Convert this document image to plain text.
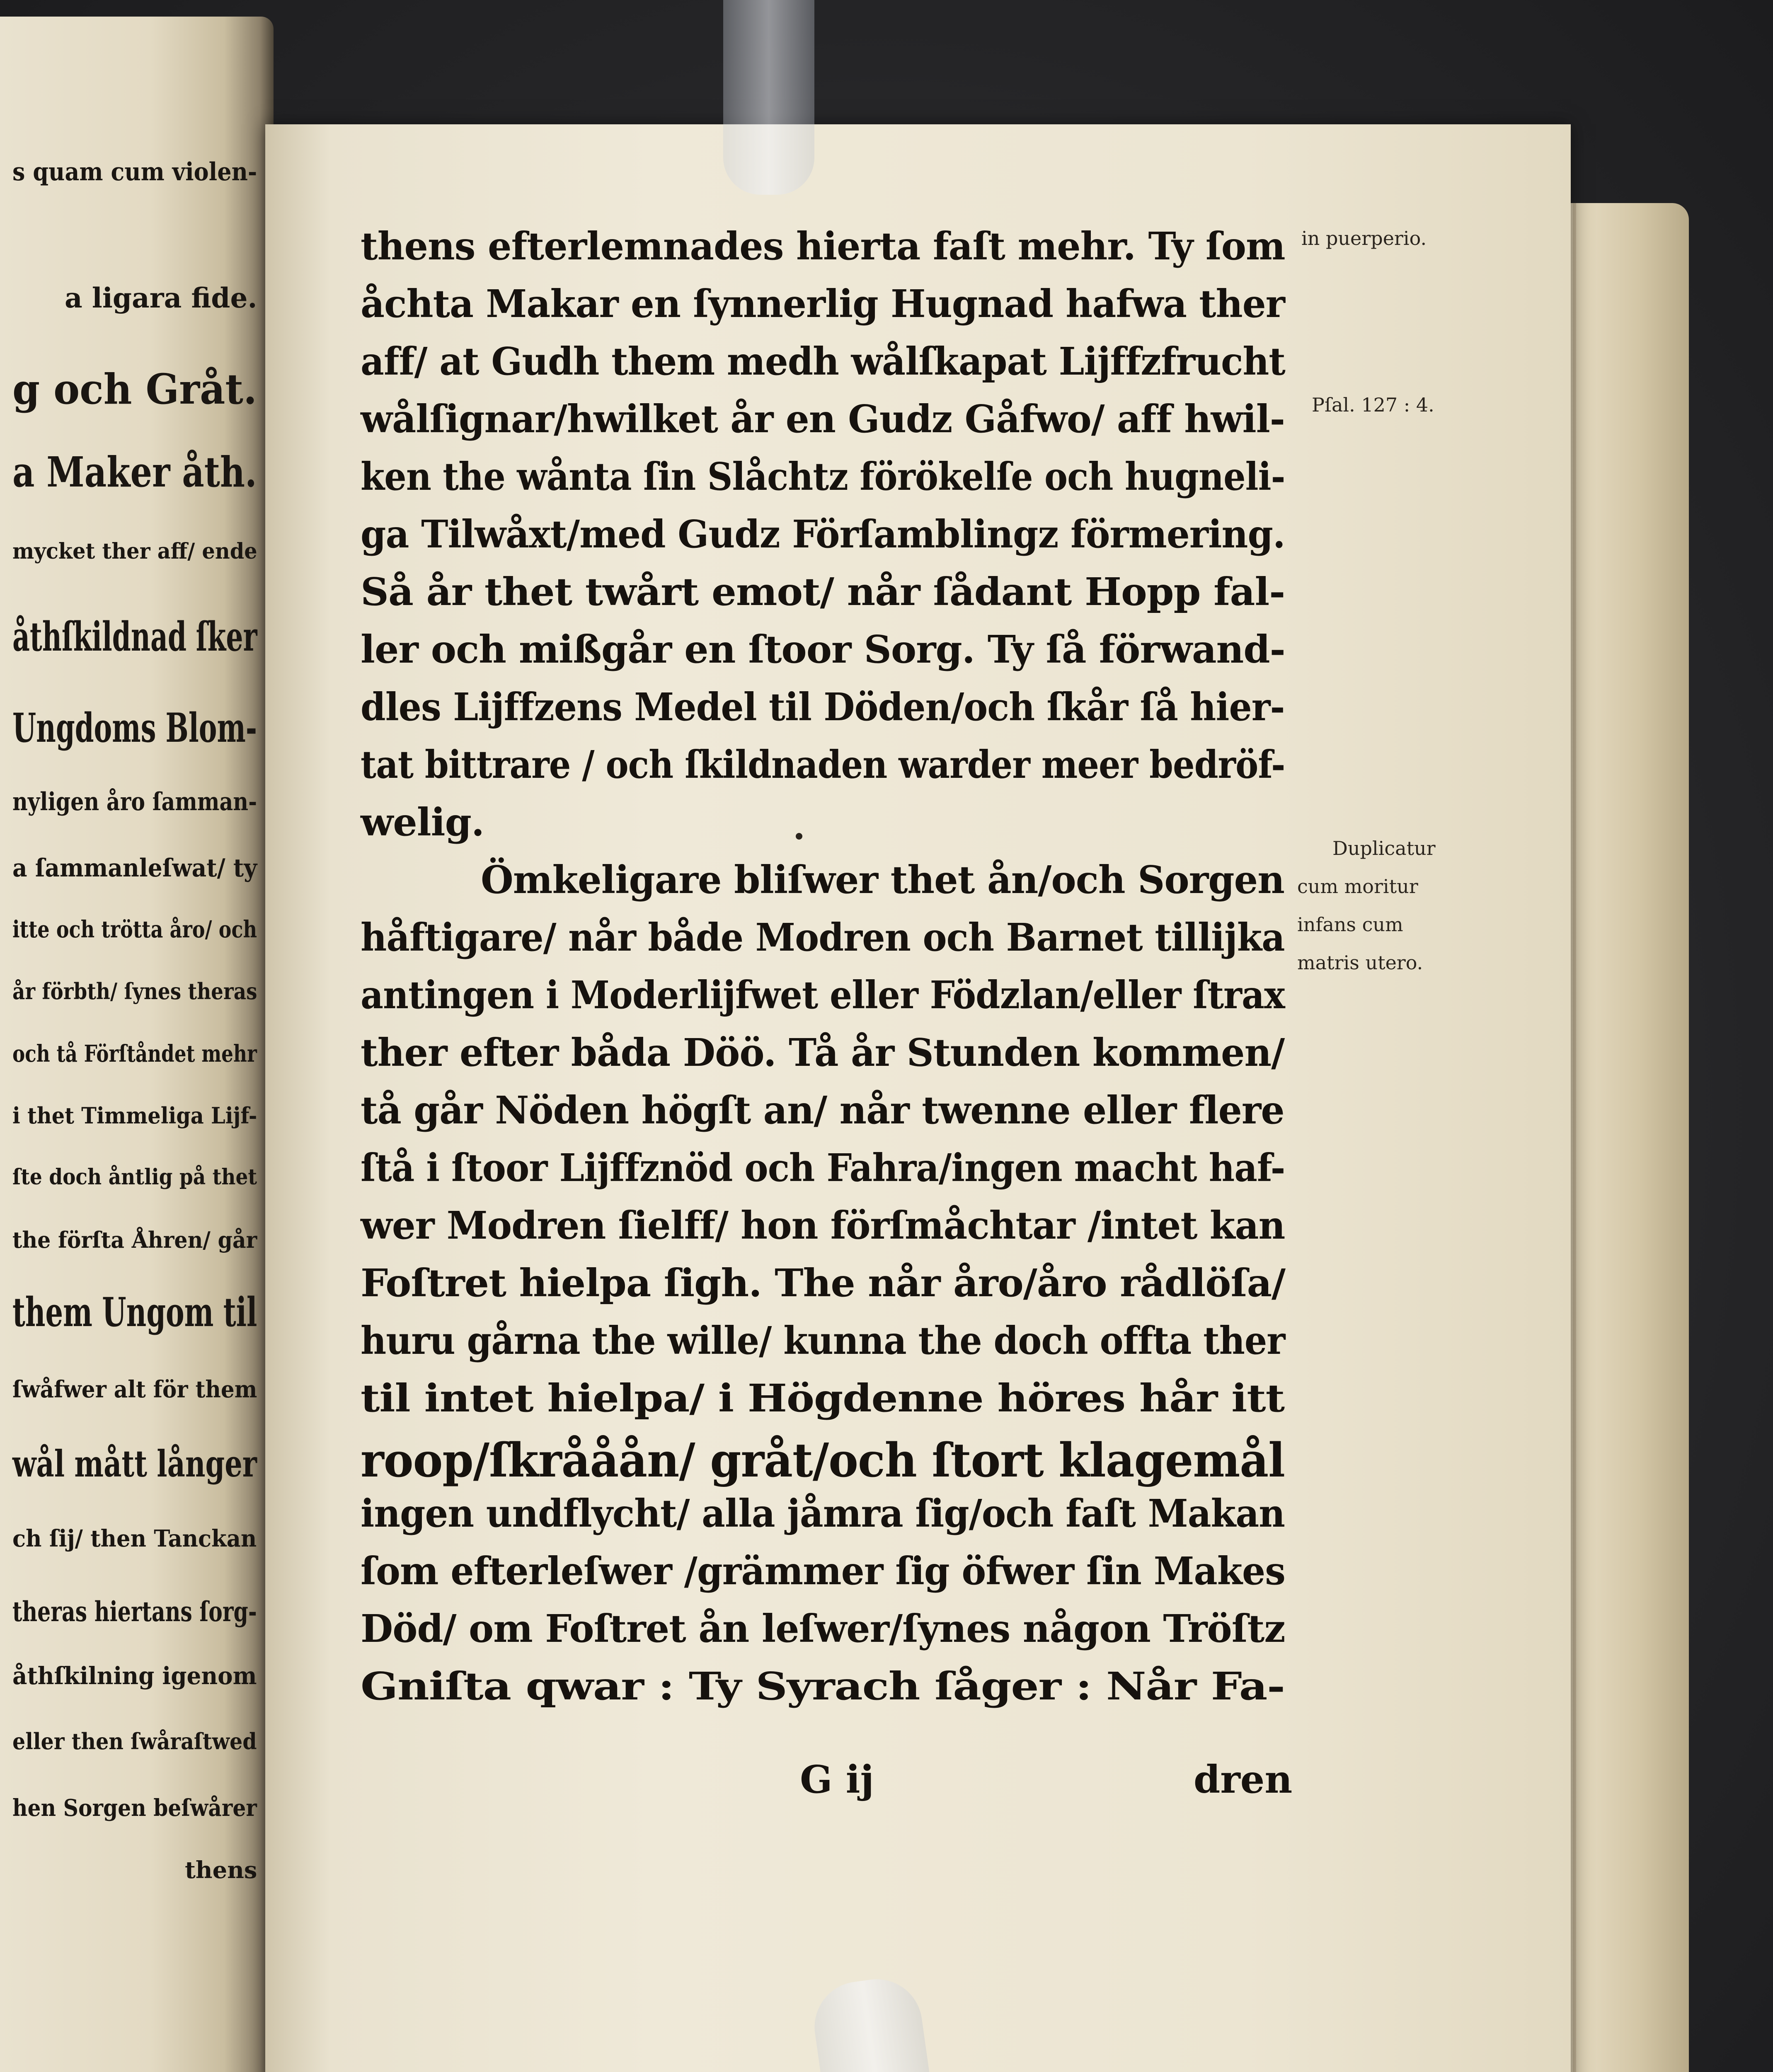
s quam cum violen-
a ligara fide.
g och Gråt.
a Maker åth.
mycket ther aff/ ende
åthſkildnad ſker
Ungdoms Blom-
nyligen åro ſamman-
a ſammanleſwat/ ty
itte och trötta åro/ och
år förbth/ ſynes theras
och tå Förſtåndet mehr
i thet Timmeliga Lijf-
ſte doch åntlig på thet
the förſta Åhren/ går
them Ungom til
ſwåfwer alt för them
wål mått långer
ch ſij/ then Tanckan
theras hiertans ſorg-
åthſkilning igenom
eller then ſwåraſtwed
hen Sorgen beſwårer
thens
thens efterlemnades hierta faſt mehr. Ty ſom
åchta Makar en ſynnerlig Hugnad hafwa ther
aff/ at Gudh them medh wålſkapat Lijffzfrucht
wålſignar/hwilket år en Gudz Gåfwo/ aff hwil-
ken the wånta ſin Slåchtz förökelſe och hugneli-
ga Tilwåxt/med Gudz Förſamblingz förmering.
Så år thet twårt emot/ når ſådant Hopp fal-
ler och mißgår en ſtoor Sorg. Ty ſå förwand-
dles Lijffzens Medel til Döden/och ſkår ſå hier-
tat bittrare / och ſkildnaden warder meer bedröf-
welig.
Ömkeligare bliſwer thet ån/och Sorgen
håftigare/ når både Modren och Barnet tillijka
antingen i Moderlijfwet eller Födzlan/eller ſtrax
ther efter båda Döö. Tå år Stunden kommen/
tå går Nöden högſt an/ når twenne eller flere
ſtå i ſtoor Lijffznöd och Fahra/ingen macht haf-
wer Modren ſielff/ hon förſmåchtar /intet kan
Foſtret hielpa ſigh. The når åro/åro rådlöſa/
huru gårna the wille/ kunna the doch offta ther
til intet hielpa/ i Högdenne höres hår itt
roop/ſkrååån/ gråt/och ſtort klagemål
ingen undflycht/ alla jåmra ſig/och faſt Makan
ſom efterleſwer /grämmer ſig öfwer ſin Makes
Död/ om Foſtret ån leſwer/ſynes någon Tröſtz
Gniſta qwar : Ty Syrach ſåger : Når Fa-
G ij	dren
in puerperio.
Pſal. 127 : 4.
Duplicatur
cum moritur
infans cum
matris utero.
